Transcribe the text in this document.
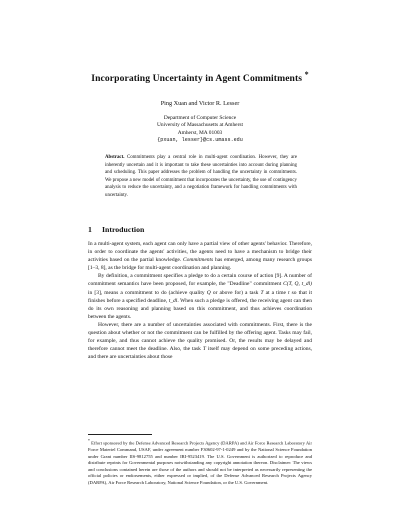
Incorporating Uncertainty in Agent Commitments *
Ping Xuan and Victor R. Lesser
Department of Computer Science
University of Massachusetts at Amherst
Amherst, MA 01003
{pxuan, lesser}@cs.umass.edu
Abstract. Commitments play a central role in multi-agent coordination. However, they are inherently uncertain and it is important to take these uncertainties into account during planning and scheduling. This paper addresses the problem of handling the uncertainty in commitments. We propose a new model of commitment that incorporates the uncertainty, the use of contingency analysis to reduce the uncertainty, and a negotiation framework for handling commitments with uncertainty.
1 Introduction

In a multi-agent system, each agent can only have a partial view of other agents' behavior. Therefore, in order to coordinate the agents' activities, the agents need to have a mechanism to bridge their activities based on the partial knowledge. Commitments has emerged, among many research groups [1–3, 8], as the bridge for multi-agent coordination and planning.

By definition, a commitment specifies a pledge to do a certain course of action [9]. A number of commitment semantics have been proposed, for example, the "Deadline" commitment C(T, Q, t_dl) in [3], means a commitment to do (achieve quality Q or above for) a task T at a time t so that it finishes before a specified deadline, t_dl. When such a pledge is offered, the receiving agent can then do its own reasoning and planning based on this commitment, and thus achieves coordination between the agents.

However, there are a number of uncertainties associated with commitments. First, there is the question about whether or not the commitment can be fulfilled by the offering agent. Tasks may fail, for example, and thus cannot achieve the quality promised. Or, the results may be delayed and therefore cannot meet the deadline. Also, the task T itself may depend on some preceding actions, and there are uncertainties about those

* Effort sponsored by the Defense Advanced Research Projects Agency (DARPA) and Air Force Research Laboratory Air Force Materiel Command, USAF, under agreement number F30602-97-1-0249 and by the National Science Foundation under Grant number IIS-9812755 and number IRI-9523419. The U.S. Government is authorized to reproduce and distribute reprints for Governmental purposes notwithstanding any copyright annotation thereon. Disclaimer: The views and conclusions contained herein are those of the authors and should not be interpreted as necessarily representing the official policies or endorsements, either expressed or implied, of the Defense Advanced Research Projects Agency (DARPA), Air Force Research Laboratory, National Science Foundation, or the U.S. Government.
